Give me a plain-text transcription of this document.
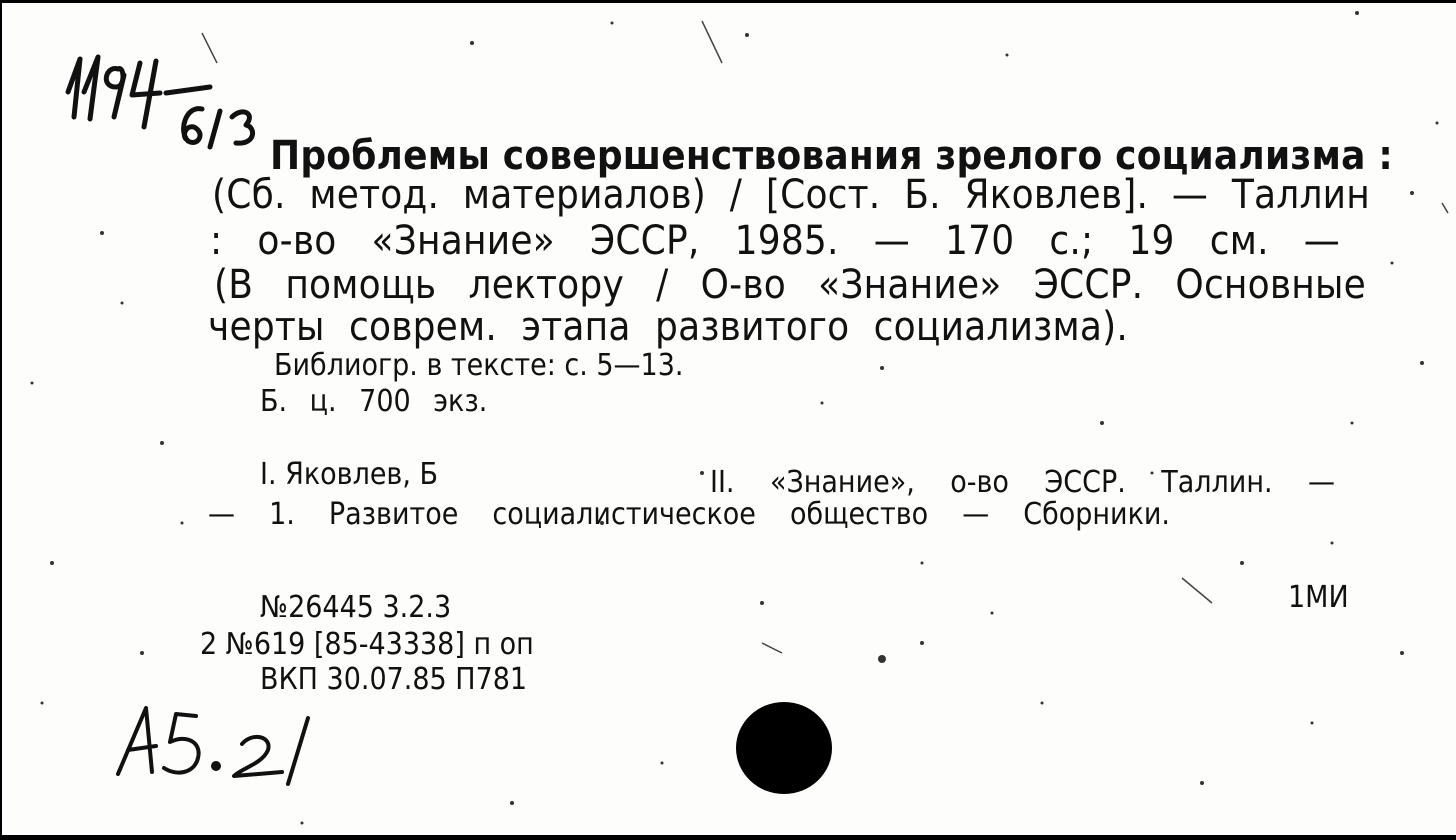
Проблемы совершенствования зрелого социализма :
(Сб. метод. материалов) / [Сост. Б. Яковлев]. — Таллин
: о-во «Знание» ЭССР, 1985. — 170 с.; 19 см. —
(В помощь лектору / О-во «Знание» ЭССР. Основные
черты соврем. этапа развитого социализма).
Библиогр. в тексте: с. 5—13.
Б. ц. 700 экз.
I. Яковлев, Б	II. «Знание», о-во ЭССР. Таллин. —
— 1. Развитое социалистическое общество — Сборники.
№26445 3.2.3
2 №619 [85-43338] п оп
ВКП 30.07.85 П781
1МИ
